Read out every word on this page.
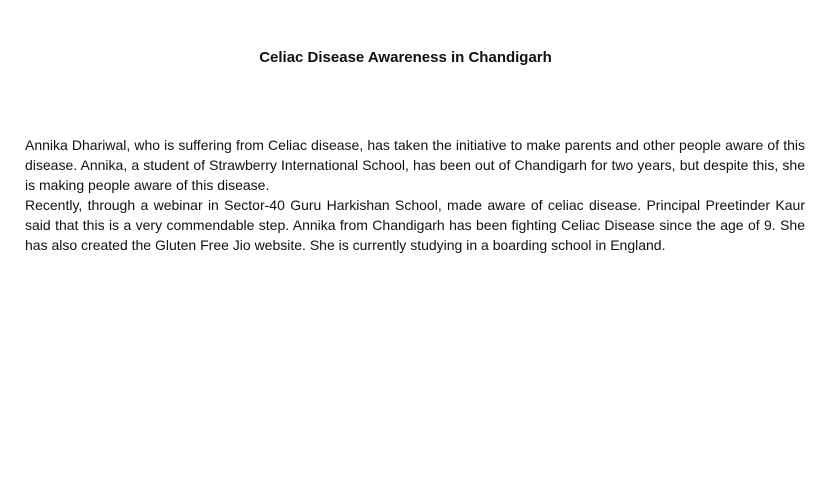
Celiac Disease Awareness in Chandigarh

Annika Dhariwal, who is suffering from Celiac disease, has taken the initiative to make parents and other people aware of this disease. Annika, a student of Strawberry International School, has been out of Chandigarh for two years, but despite this, she is making people aware of this disease.

Recently, through a webinar in Sector-40 Guru Harkishan School, made aware of celiac disease. Principal Preetinder Kaur said that this is a very commendable step. Annika from Chandigarh has been fighting Celiac Disease since the age of 9. She has also created the Gluten Free Jio website. She is currently studying in a boarding school in England.
